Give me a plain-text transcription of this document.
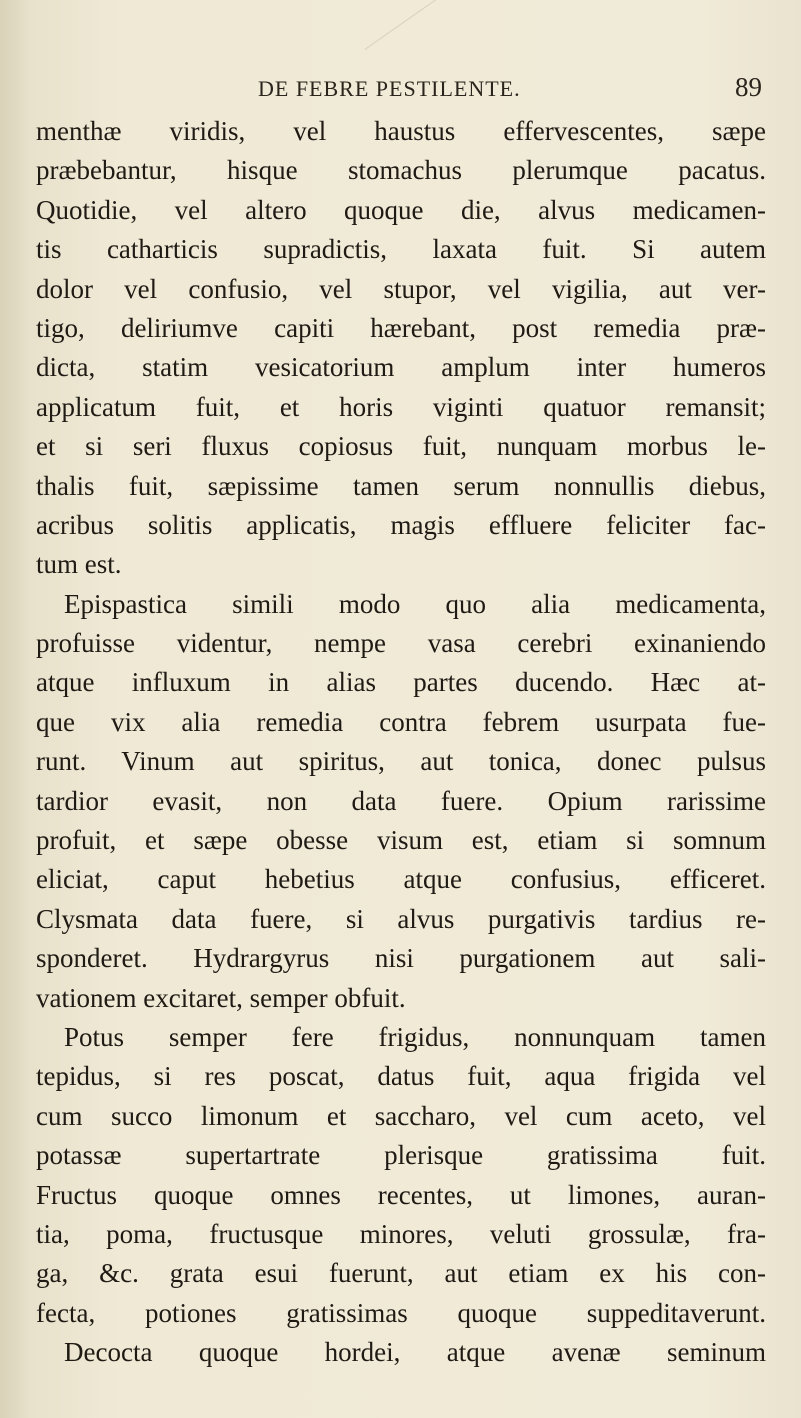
DE FEBRE PESTILENTE.	89
menthæ viridis, vel haustus effervescentes, sæpe
præbebantur, hisque stomachus plerumque pacatus.
Quotidie, vel altero quoque die, alvus medicamen-
tis catharticis supradictis, laxata fuit. Si autem
dolor vel confusio, vel stupor, vel vigilia, aut ver-
tigo, deliriumve capiti hærebant, post remedia præ-
dicta, statim vesicatorium amplum inter humeros
applicatum fuit, et horis viginti quatuor remansit;
et si seri fluxus copiosus fuit, nunquam morbus le-
thalis fuit, sæpissime tamen serum nonnullis diebus,
acribus solitis applicatis, magis effluere feliciter fac-
tum est.
Epispastica simili modo quo alia medicamenta,
profuisse videntur, nempe vasa cerebri exinaniendo
atque influxum in alias partes ducendo. Hæc at-
que vix alia remedia contra febrem usurpata fue-
runt. Vinum aut spiritus, aut tonica, donec pulsus
tardior evasit, non data fuere. Opium rarissime
profuit, et sæpe obesse visum est, etiam si somnum
eliciat, caput hebetius atque confusius, efficeret.
Clysmata data fuere, si alvus purgativis tardius re-
sponderet. Hydrargyrus nisi purgationem aut sali-
vationem excitaret, semper obfuit.
Potus semper fere frigidus, nonnunquam tamen
tepidus, si res poscat, datus fuit, aqua frigida vel
cum succo limonum et saccharo, vel cum aceto, vel
potassæ supertartrate plerisque gratissima fuit.
Fructus quoque omnes recentes, ut limones, auran-
tia, poma, fructusque minores, veluti grossulæ, fra-
ga, &c. grata esui fuerunt, aut etiam ex his con-
fecta, potiones gratissimas quoque suppeditaverunt.
Decocta quoque hordei, atque avenæ seminum
